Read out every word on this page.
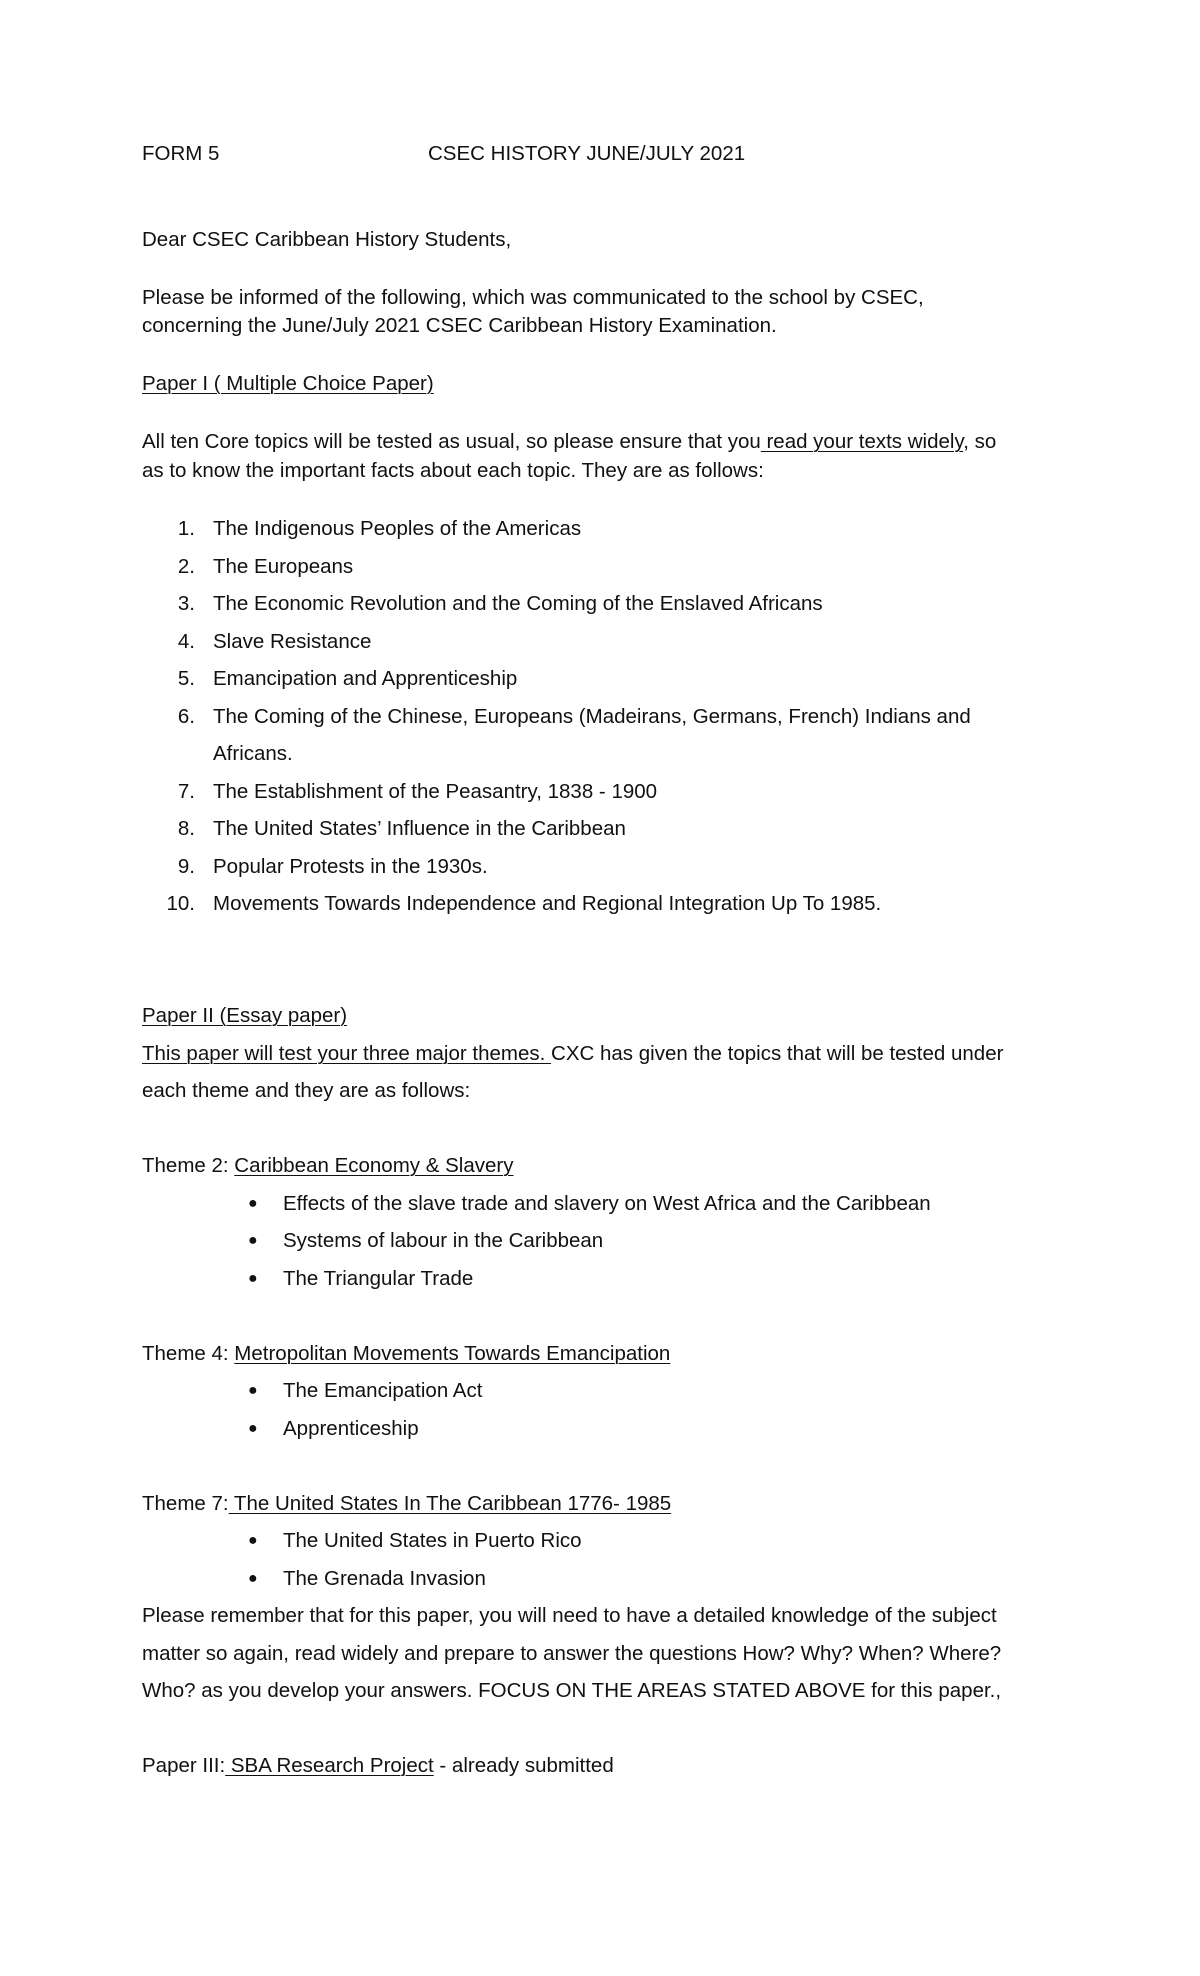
FORM 5	CSEC HISTORY JUNE/JULY 2021
Dear CSEC Caribbean History Students,
Please be informed of the following, which was communicated to the school by CSEC,
concerning the June/July 2021 CSEC Caribbean History Examination.
Paper I ( Multiple Choice Paper)
All ten Core topics will be tested as usual, so please ensure that you read your texts widely, so
as to know the important facts about each topic. They are as follows:
1. The Indigenous Peoples of the Americas
2. The Europeans
3. The Economic Revolution and the Coming of the Enslaved Africans
4. Slave Resistance
5. Emancipation and Apprenticeship
6. The Coming of the Chinese, Europeans (Madeirans, Germans, French) Indians and
Africans.
7. The Establishment of the Peasantry, 1838 - 1900
8. The United States’ Influence in the Caribbean
9. Popular Protests in the 1930s.
10. Movements Towards Independence and Regional Integration Up To 1985.
Paper II (Essay paper)
This paper will test your three major themes. CXC has given the topics that will be tested under
each theme and they are as follows:
Theme 2: Caribbean Economy & Slavery
● Effects of the slave trade and slavery on West Africa and the Caribbean
● Systems of labour in the Caribbean
● The Triangular Trade
Theme 4: Metropolitan Movements Towards Emancipation
● The Emancipation Act
● Apprenticeship
Theme 7: The United States In The Caribbean 1776- 1985
● The United States in Puerto Rico
● The Grenada Invasion
Please remember that for this paper, you will need to have a detailed knowledge of the subject
matter so again, read widely and prepare to answer the questions How? Why? When? Where?
Who? as you develop your answers. FOCUS ON THE AREAS STATED ABOVE for this paper.,
Paper III: SBA Research Project - already submitted
